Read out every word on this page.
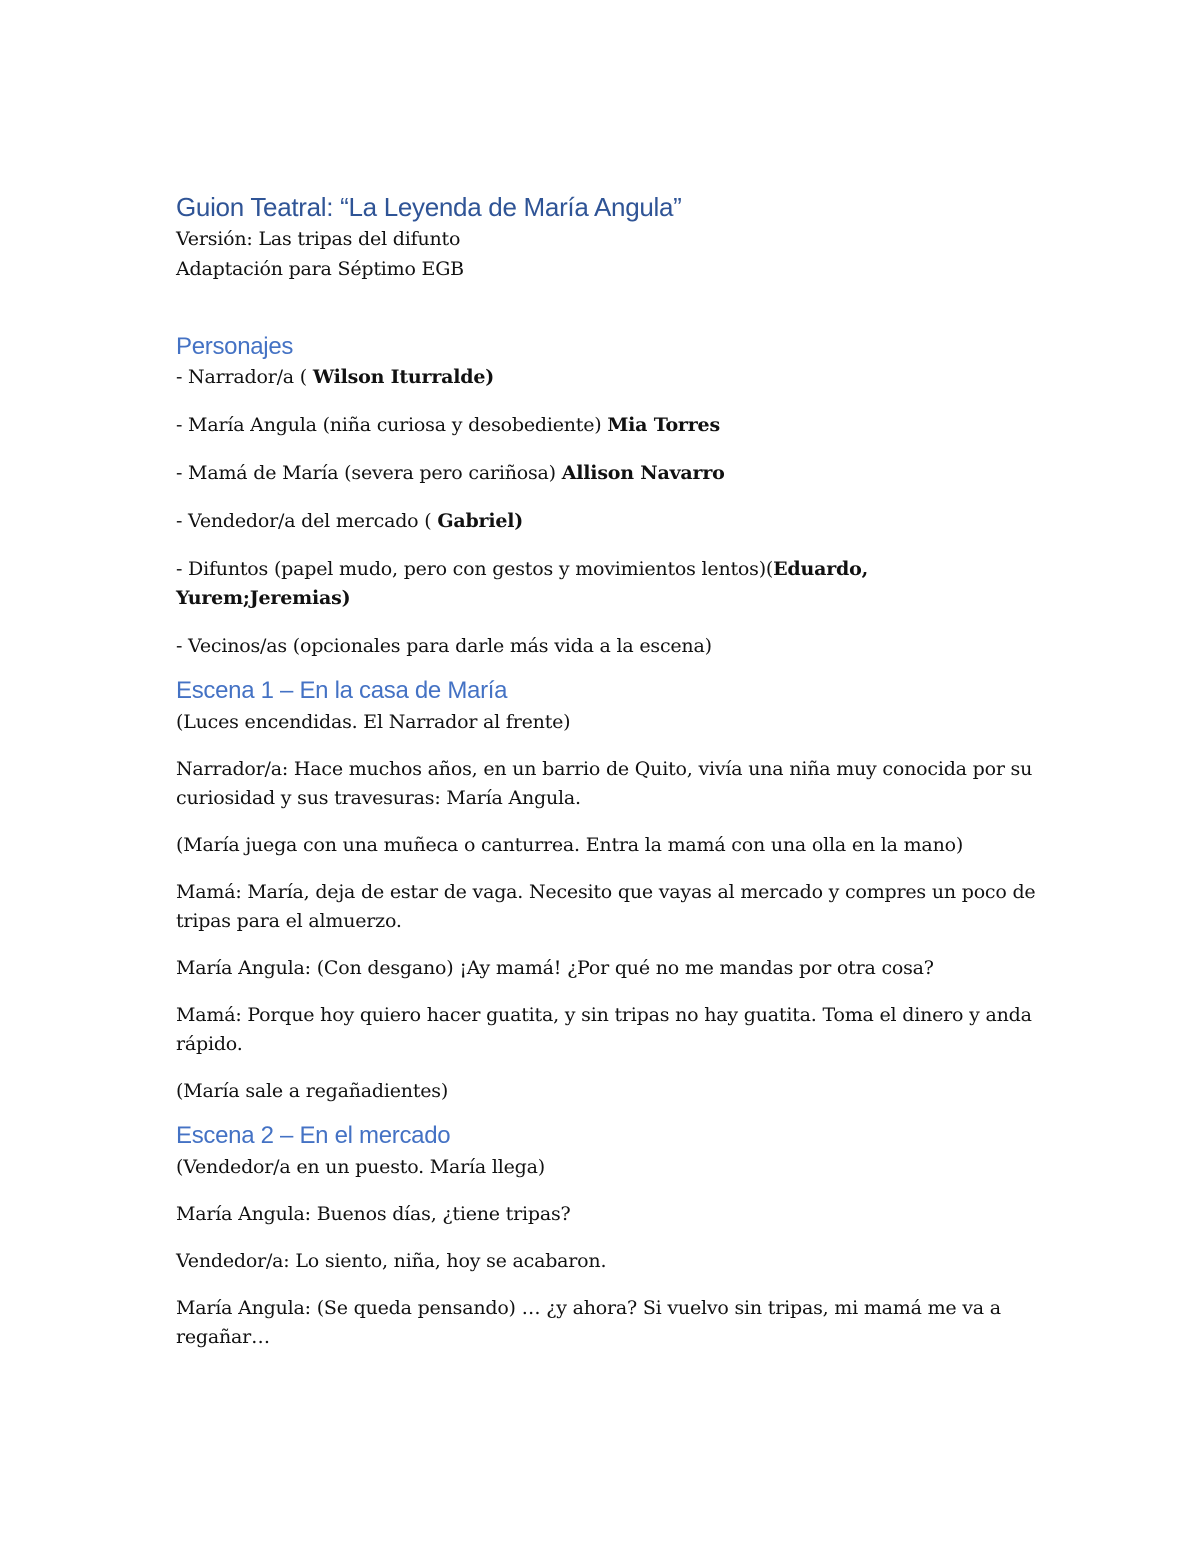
Guion Teatral: “La Leyenda de María Angula”

Versión: Las tripas del difunto

Adaptación para Séptimo EGB

Personajes

- Narrador/a ( Wilson Iturralde)

- María Angula (niña curiosa y desobediente) Mia Torres

- Mamá de María (severa pero cariñosa) Allison Navarro

- Vendedor/a del mercado ( Gabriel)

- Difuntos (papel mudo, pero con gestos y movimientos lentos)(Eduardo,
Yurem;Jeremias)

- Vecinos/as (opcionales para darle más vida a la escena)

Escena 1 – En la casa de María

(Luces encendidas. El Narrador al frente)

Narrador/a: Hace muchos años, en un barrio de Quito, vivía una niña muy conocida por su
curiosidad y sus travesuras: María Angula.

(María juega con una muñeca o canturrea. Entra la mamá con una olla en la mano)

Mamá: María, deja de estar de vaga. Necesito que vayas al mercado y compres un poco de
tripas para el almuerzo.

María Angula: (Con desgano) ¡Ay mamá! ¿Por qué no me mandas por otra cosa?

Mamá: Porque hoy quiero hacer guatita, y sin tripas no hay guatita. Toma el dinero y anda
rápido.

(María sale a regañadientes)

Escena 2 – En el mercado

(Vendedor/a en un puesto. María llega)

María Angula: Buenos días, ¿tiene tripas?

Vendedor/a: Lo siento, niña, hoy se acabaron.

María Angula: (Se queda pensando) … ¿y ahora? Si vuelvo sin tripas, mi mamá me va a
regañar…
